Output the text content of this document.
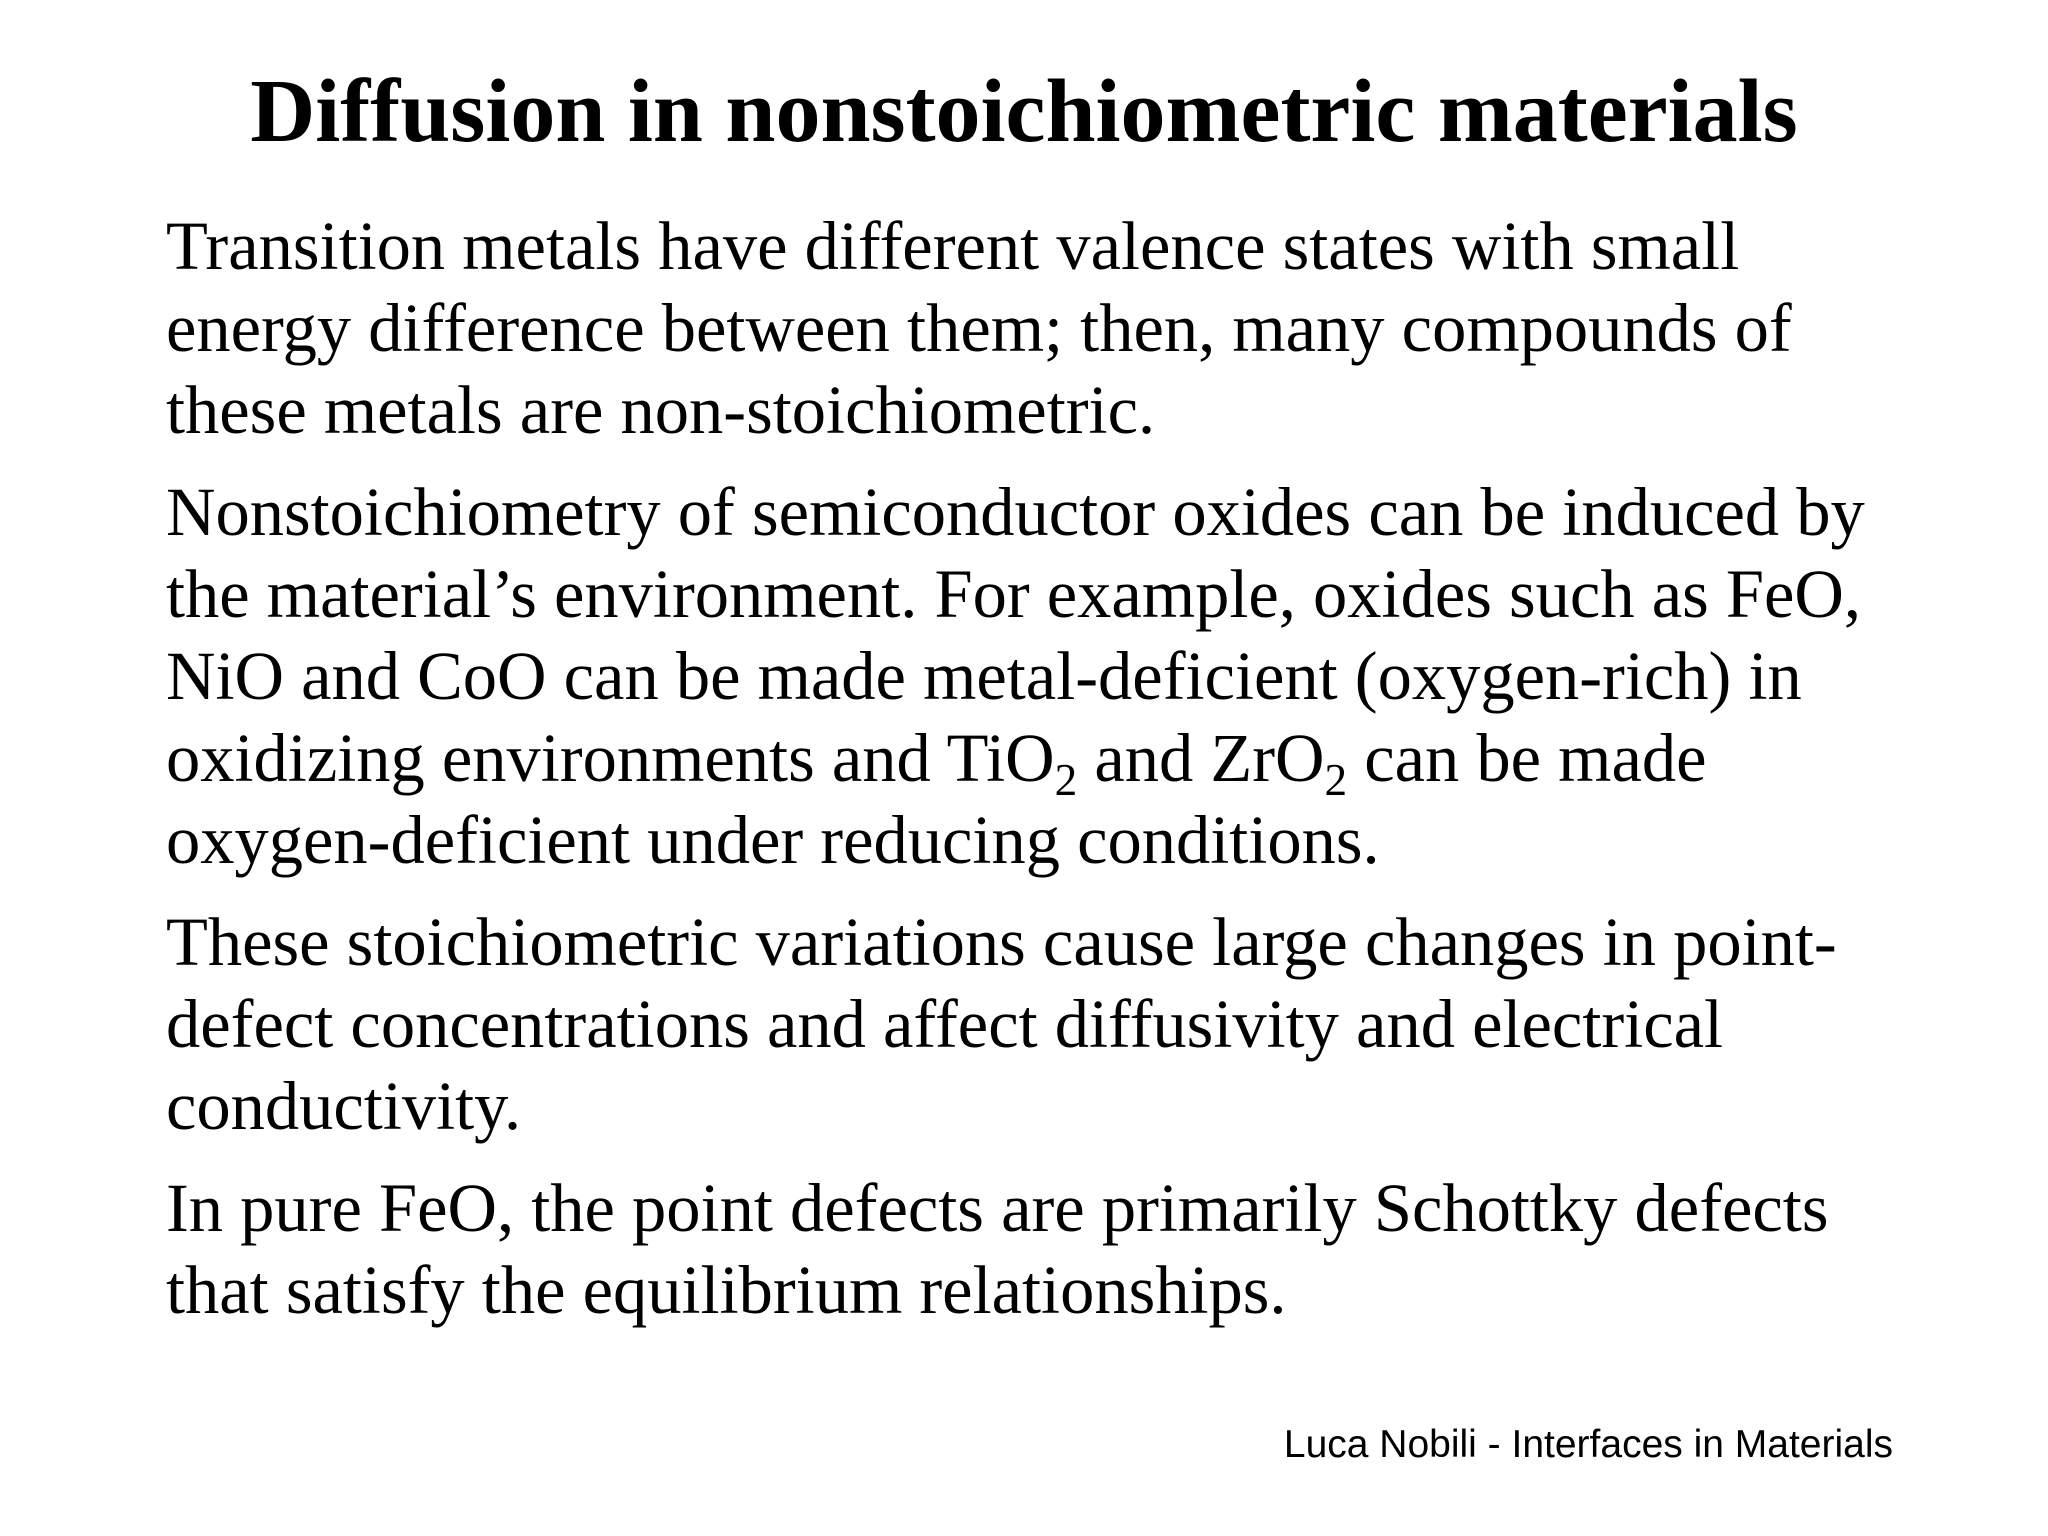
Diffusion in nonstoichiometric materials

Transition metals have different valence states with small
energy difference between them; then, many compounds of
these metals are non-stoichiometric.

Nonstoichiometry of semiconductor oxides can be induced by
the material’s environment. For example, oxides such as FeO,
NiO and CoO can be made metal-deficient (oxygen-rich) in
oxidizing environments and TiO2 and ZrO2 can be made
oxygen-deficient under reducing conditions.

These stoichiometric variations cause large changes in point-
defect concentrations and affect diffusivity and electrical
conductivity.

In pure FeO, the point defects are primarily Schottky defects
that satisfy the equilibrium relationships.

Luca Nobili - Interfaces in Materials
